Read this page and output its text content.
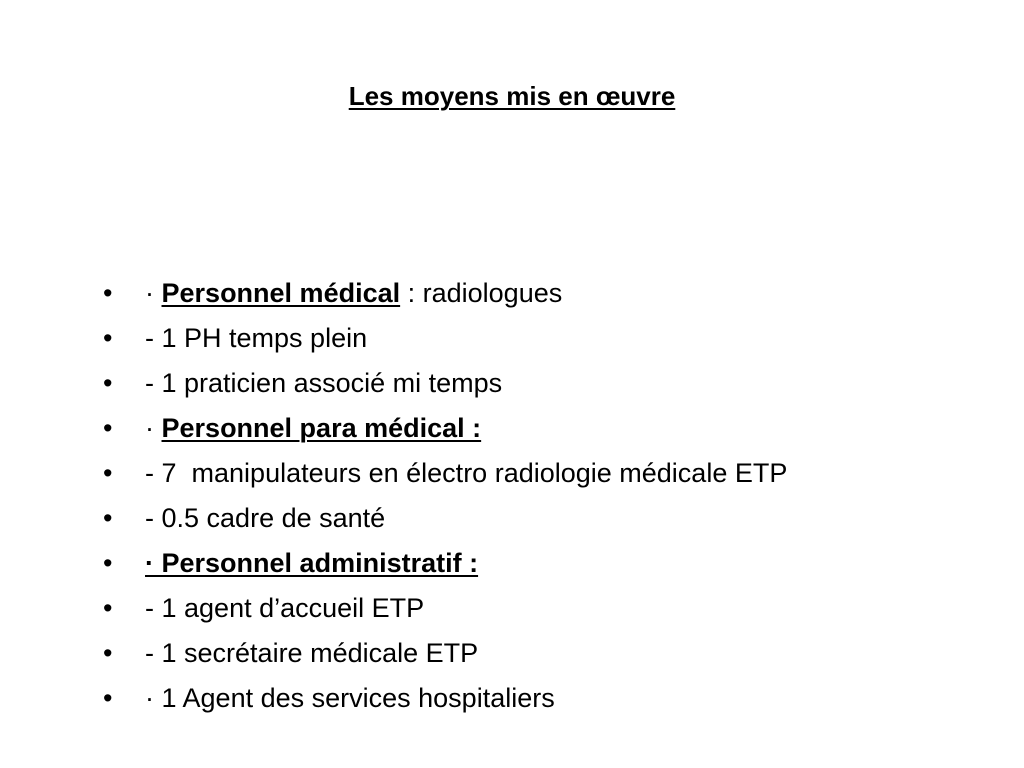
Les moyens mis en œuvre

• · Personnel médical : radiologues

• - 1 PH temps plein

• - 1 praticien associé mi temps

• · Personnel para médical :

• - 7  manipulateurs en électro radiologie médicale ETP

• - 0.5 cadre de santé

• · Personnel administratif :

• - 1 agent d’accueil ETP

• - 1 secrétaire médicale ETP

• · 1 Agent des services hospitaliers
